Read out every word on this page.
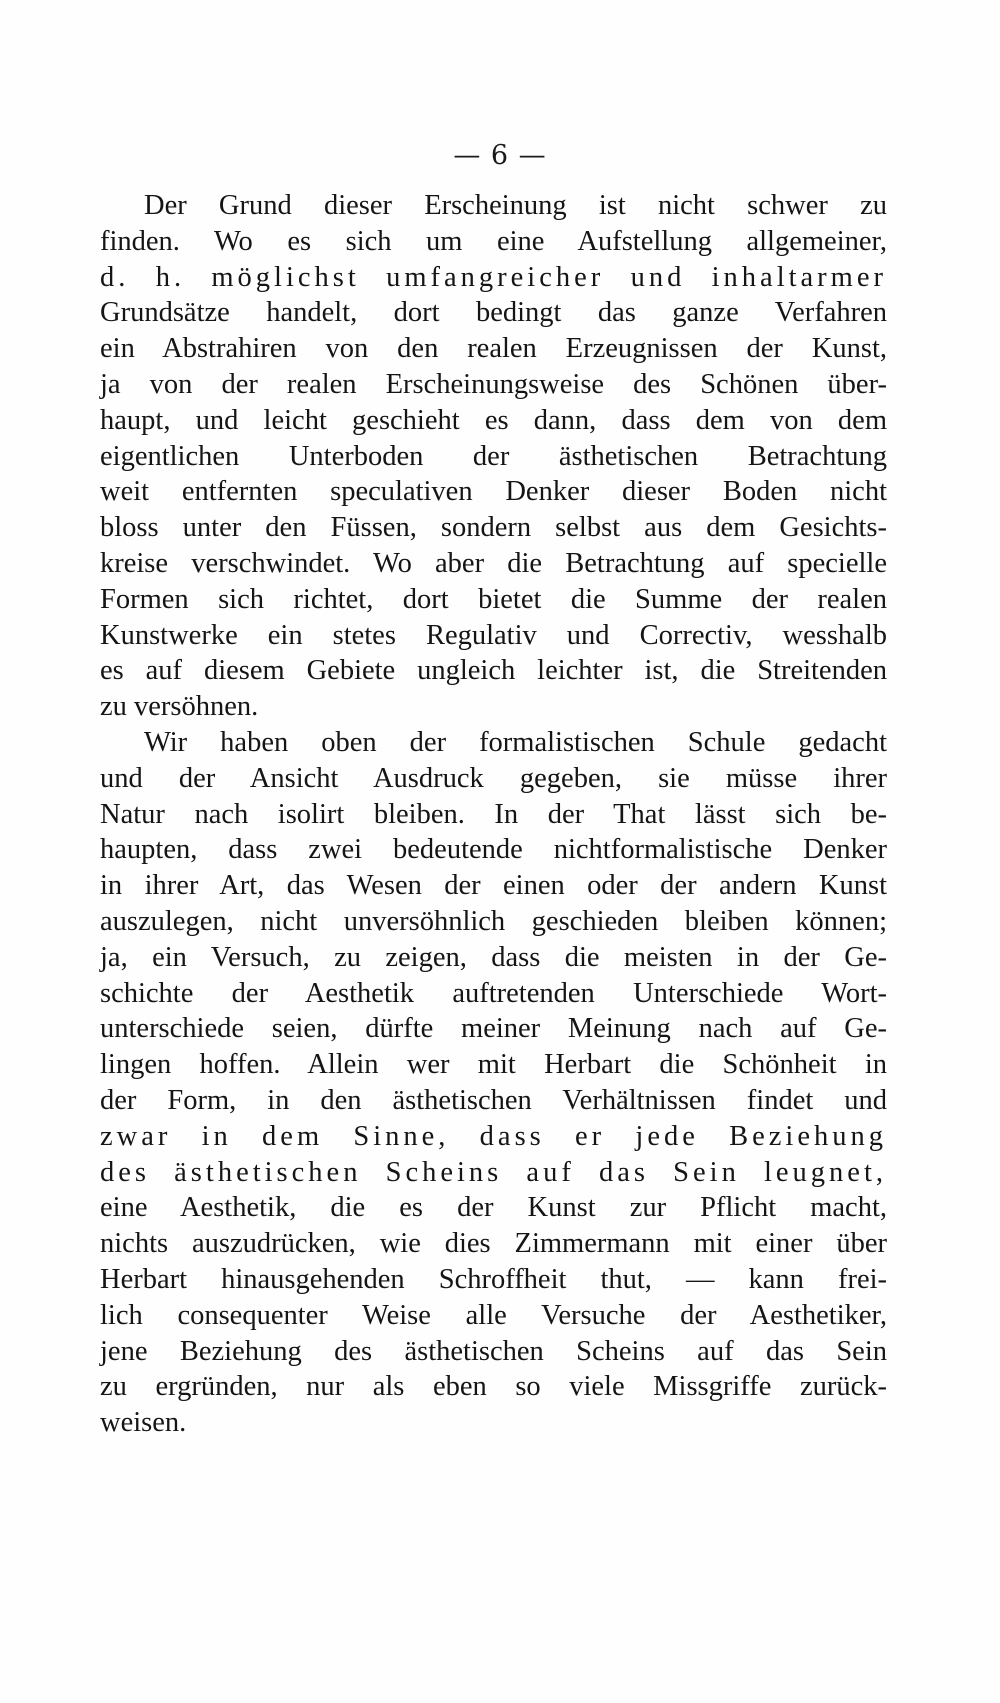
— 6 —
Der Grund dieser Erscheinung ist nicht schwer zu
finden. Wo es sich um eine Aufstellung allgemeiner,
d. h. möglichst umfangreicher und inhaltarmer
Grundsätze handelt, dort bedingt das ganze Verfahren
ein Abstrahiren von den realen Erzeugnissen der Kunst,
ja von der realen Erscheinungsweise des Schönen über-
haupt, und leicht geschieht es dann, dass dem von dem
eigentlichen Unterboden der ästhetischen Betrachtung
weit entfernten speculativen Denker dieser Boden nicht
bloss unter den Füssen, sondern selbst aus dem Gesichts-
kreise verschwindet. Wo aber die Betrachtung auf specielle
Formen sich richtet, dort bietet die Summe der realen
Kunstwerke ein stetes Regulativ und Correctiv, wesshalb
es auf diesem Gebiete ungleich leichter ist, die Streitenden
zu versöhnen.
Wir haben oben der formalistischen Schule gedacht
und der Ansicht Ausdruck gegeben, sie müsse ihrer
Natur nach isolirt bleiben. In der That lässt sich be-
haupten, dass zwei bedeutende nichtformalistische Denker
in ihrer Art, das Wesen der einen oder der andern Kunst
auszulegen, nicht unversöhnlich geschieden bleiben können;
ja, ein Versuch, zu zeigen, dass die meisten in der Ge-
schichte der Aesthetik auftretenden Unterschiede Wort-
unterschiede seien, dürfte meiner Meinung nach auf Ge-
lingen hoffen. Allein wer mit Herbart die Schönheit in
der Form, in den ästhetischen Verhältnissen findet und
zwar in dem Sinne, dass er jede Beziehung
des ästhetischen Scheins auf das Sein leugnet,
eine Aesthetik, die es der Kunst zur Pflicht macht,
nichts auszudrücken, wie dies Zimmermann mit einer über
Herbart hinausgehenden Schroffheit thut, — kann frei-
lich consequenter Weise alle Versuche der Aesthetiker,
jene Beziehung des ästhetischen Scheins auf das Sein
zu ergründen, nur als eben so viele Missgriffe zurück-
weisen.
